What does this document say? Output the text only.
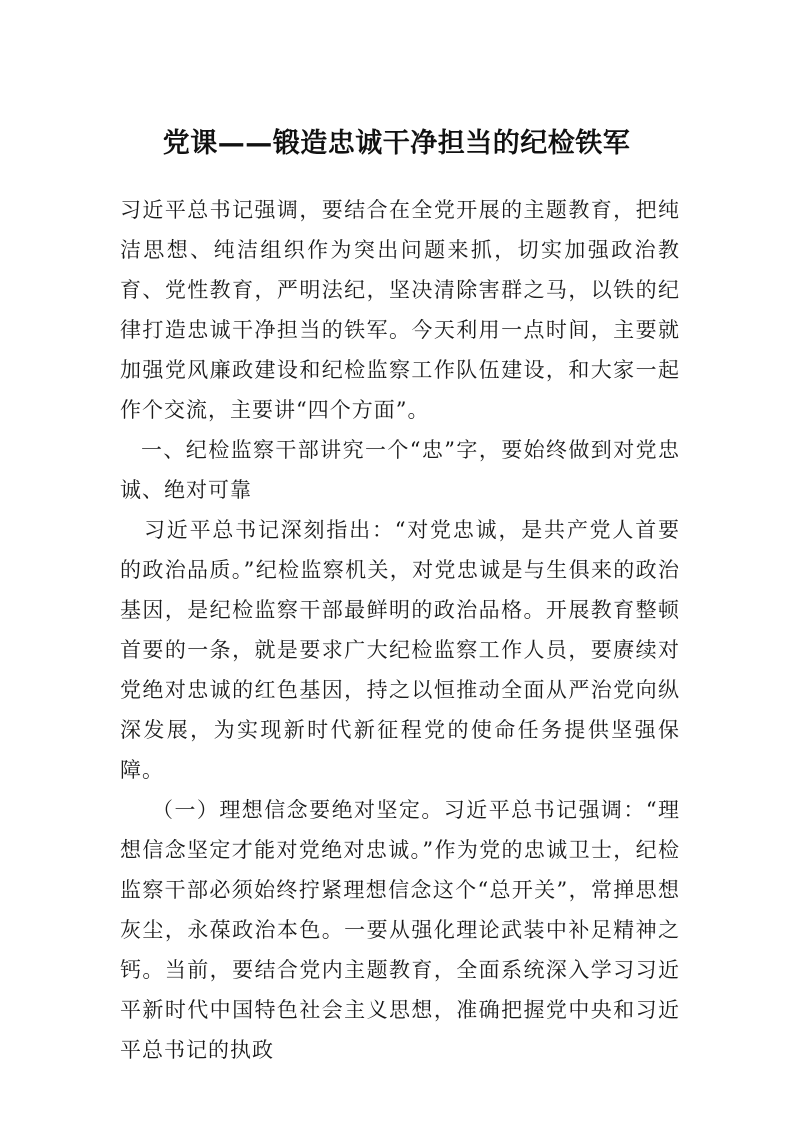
党课——锻造忠诚干净担当的纪检铁军

习近平总书记强调，要结合在全党开展的主题教育，把纯洁思想、纯洁组织作为突出问题来抓，切实加强政治教育、党性教育，严明法纪，坚决清除害群之马，以铁的纪律打造忠诚干净担当的铁军。今天利用一点时间，主要就加强党风廉政建设和纪检监察工作队伍建设，和大家一起作个交流，主要讲“四个方面”。

一、纪检监察干部讲究一个“忠”字，要始终做到对党忠诚、绝对可靠

习近平总书记深刻指出：“对党忠诚，是共产党人首要的政治品质。”纪检监察机关，对党忠诚是与生俱来的政治基因，是纪检监察干部最鲜明的政治品格。开展教育整顿首要的一条，就是要求广大纪检监察工作人员，要赓续对党绝对忠诚的红色基因，持之以恒推动全面从严治党向纵深发展，为实现新时代新征程党的使命任务提供坚强保障。

（一）理想信念要绝对坚定。习近平总书记强调：“理想信念坚定才能对党绝对忠诚。”作为党的忠诚卫士，纪检监察干部必须始终拧紧理想信念这个“总开关”，常掸思想灰尘，永葆政治本色。一要从强化理论武装中补足精神之钙。当前，要结合党内主题教育，全面系统深入学习习近平新时代中国特色社会主义思想，准确把握党中央和习近平总书记的执政
